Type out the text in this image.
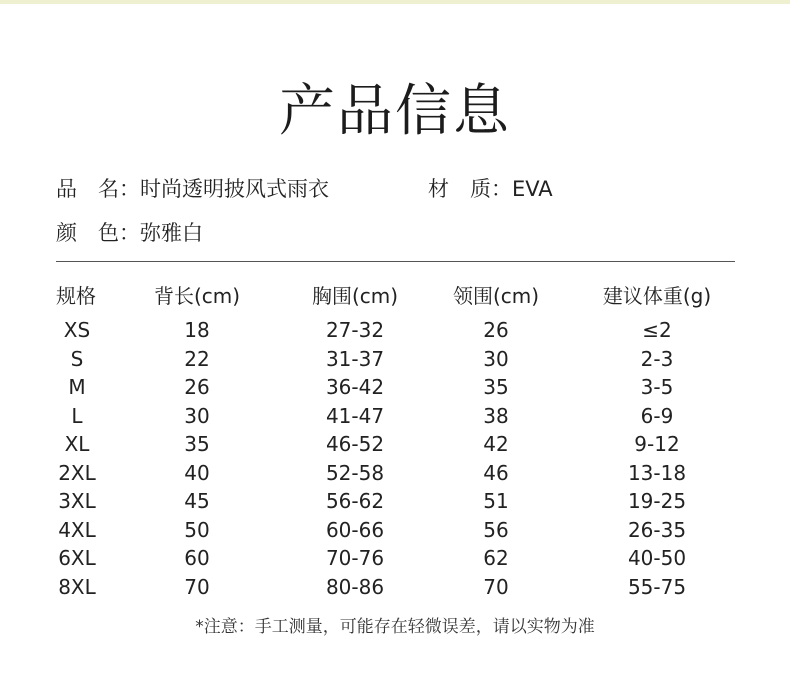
产品信息
品　名：时尚透明披风式雨衣	材　质：EVA
颜　色：弥雅白
规格	背长(cm)	胸围(cm)	领围(cm)	建议体重(g)
XS	18	27-32	26	≤2
S	22	31-37	30	2-3
M	26	36-42	35	3-5
L	30	41-47	38	6-9
XL	35	46-52	42	9-12
2XL	40	52-58	46	13-18
3XL	45	56-62	51	19-25
4XL	50	60-66	56	26-35
6XL	60	70-76	62	40-50
8XL	70	80-86	70	55-75
*注意：手工测量，可能存在轻微误差，请以实物为准
